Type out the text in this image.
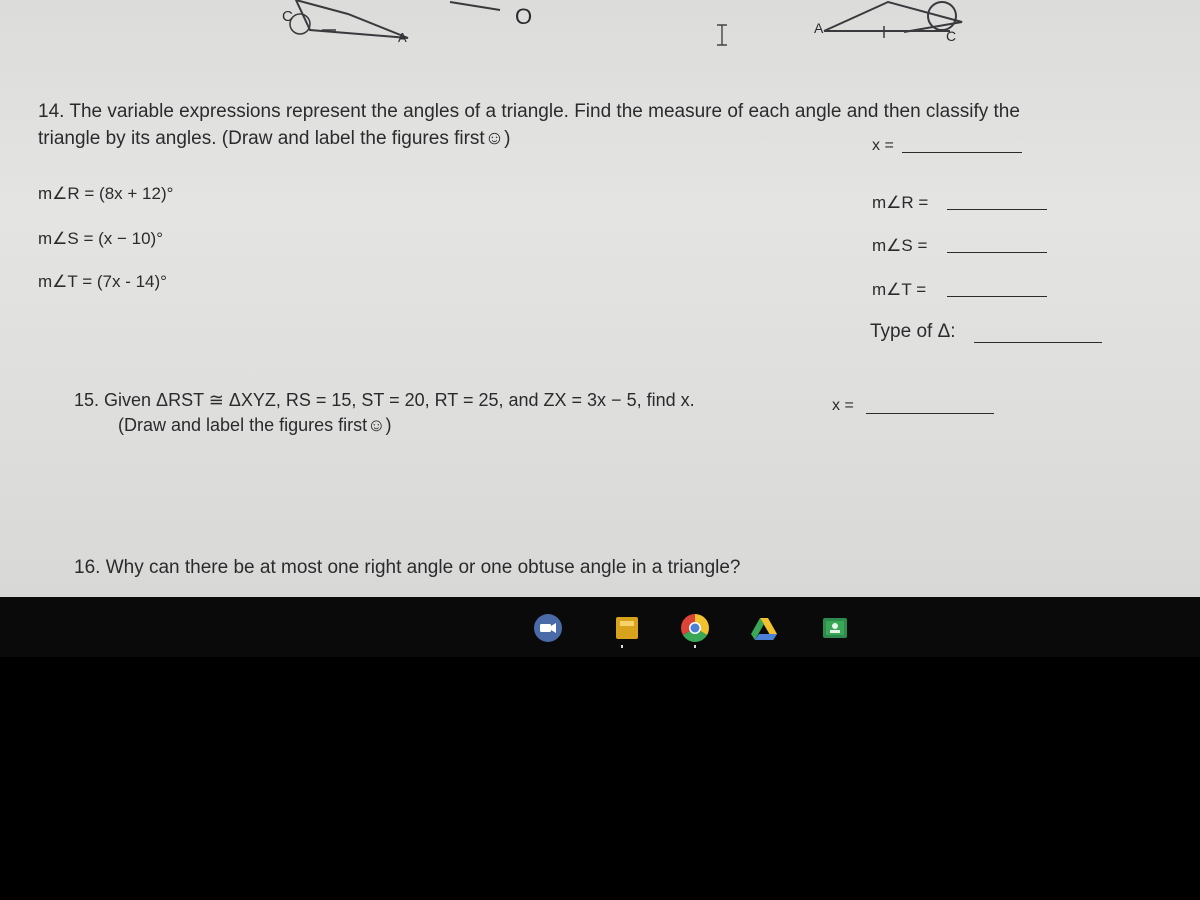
C
A
O	A	C
14. The variable expressions represent the angles of a triangle. Find the measure of each angle and then classify the
triangle by its angles. (Draw and label the figures first☺)	x =
m∠R = (8x + 12)°
m∠S = (x − 10)°
m∠T = (7x - 14)°
m∠R =
m∠S =
m∠T =
Type of Δ:
15. Given ΔRST ≅ ΔXYZ, RS = 15, ST = 20, RT = 25, and ZX = 3x − 5, find x.
(Draw and label the figures first☺)
x =
16. Why can there be at most one right angle or one obtuse angle in a triangle?
